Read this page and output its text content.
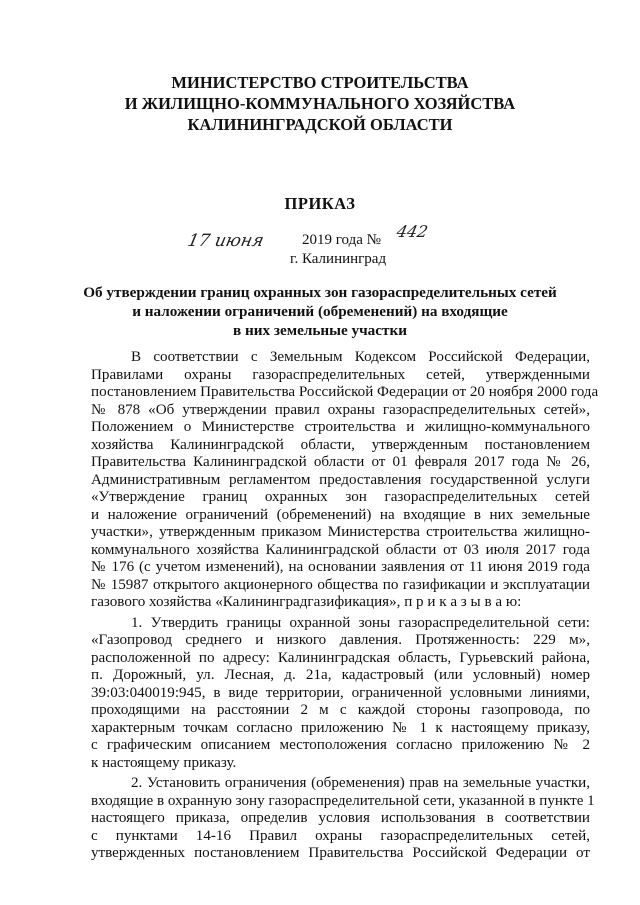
МИНИСТЕРСТВО СТРОИТЕЛЬСТВА
И ЖИЛИЩНО-КОММУНАЛЬНОГО ХОЗЯЙСТВА
КАЛИНИНГРАДСКОЙ ОБЛАСТИ
ПРИКАЗ
17 июня 2019 года № 442
г. Калининград
Об утверждении границ охранных зон газораспределительных сетей
и наложении ограничений (обременений) на входящие
в них земельные участки
В соответствии с Земельным Кодексом Российской Федерации,
Правилами охраны газораспределительных сетей, утвержденными
постановлением Правительства Российской Федерации от 20 ноября 2000 года
№ 878 «Об утверждении правил охраны газораспределительных сетей»,
Положением о Министерстве строительства и жилищно-коммунального
хозяйства Калининградской области, утвержденным постановлением
Правительства Калининградской области от 01 февраля 2017 года № 26,
Административным регламентом предоставления государственной услуги
«Утверждение границ охранных зон газораспределительных сетей
и наложение ограничений (обременений) на входящие в них земельные
участки», утвержденным приказом Министерства строительства жилищно-
коммунального хозяйства Калининградской области от 03 июля 2017 года
№ 176 (с учетом изменений), на основании заявления от 11 июня 2019 года
№ 15987 открытого акционерного общества по газификации и эксплуатации
газового хозяйства «Калининградгазификация», п р и к а з ы в а ю:
1. Утвердить границы охранной зоны газораспределительной сети:
«Газопровод среднего и низкого давления. Протяженность: 229 м»,
расположенной по адресу: Калининградская область, Гурьевский района,
п. Дорожный, ул. Лесная, д. 21а, кадастровый (или условный) номер
39:03:040019:945, в виде территории, ограниченной условными линиями,
проходящими на расстоянии 2 м с каждой стороны газопровода, по
характерным точкам согласно приложению № 1 к настоящему приказу,
с графическим описанием местоположения согласно приложению № 2
к настоящему приказу.
2. Установить ограничения (обременения) прав на земельные участки,
входящие в охранную зону газораспределительной сети, указанной в пункте 1
настоящего приказа, определив условия использования в соответствии
с пунктами 14-16 Правил охраны газораспределительных сетей,
утвержденных постановлением Правительства Российской Федерации от
